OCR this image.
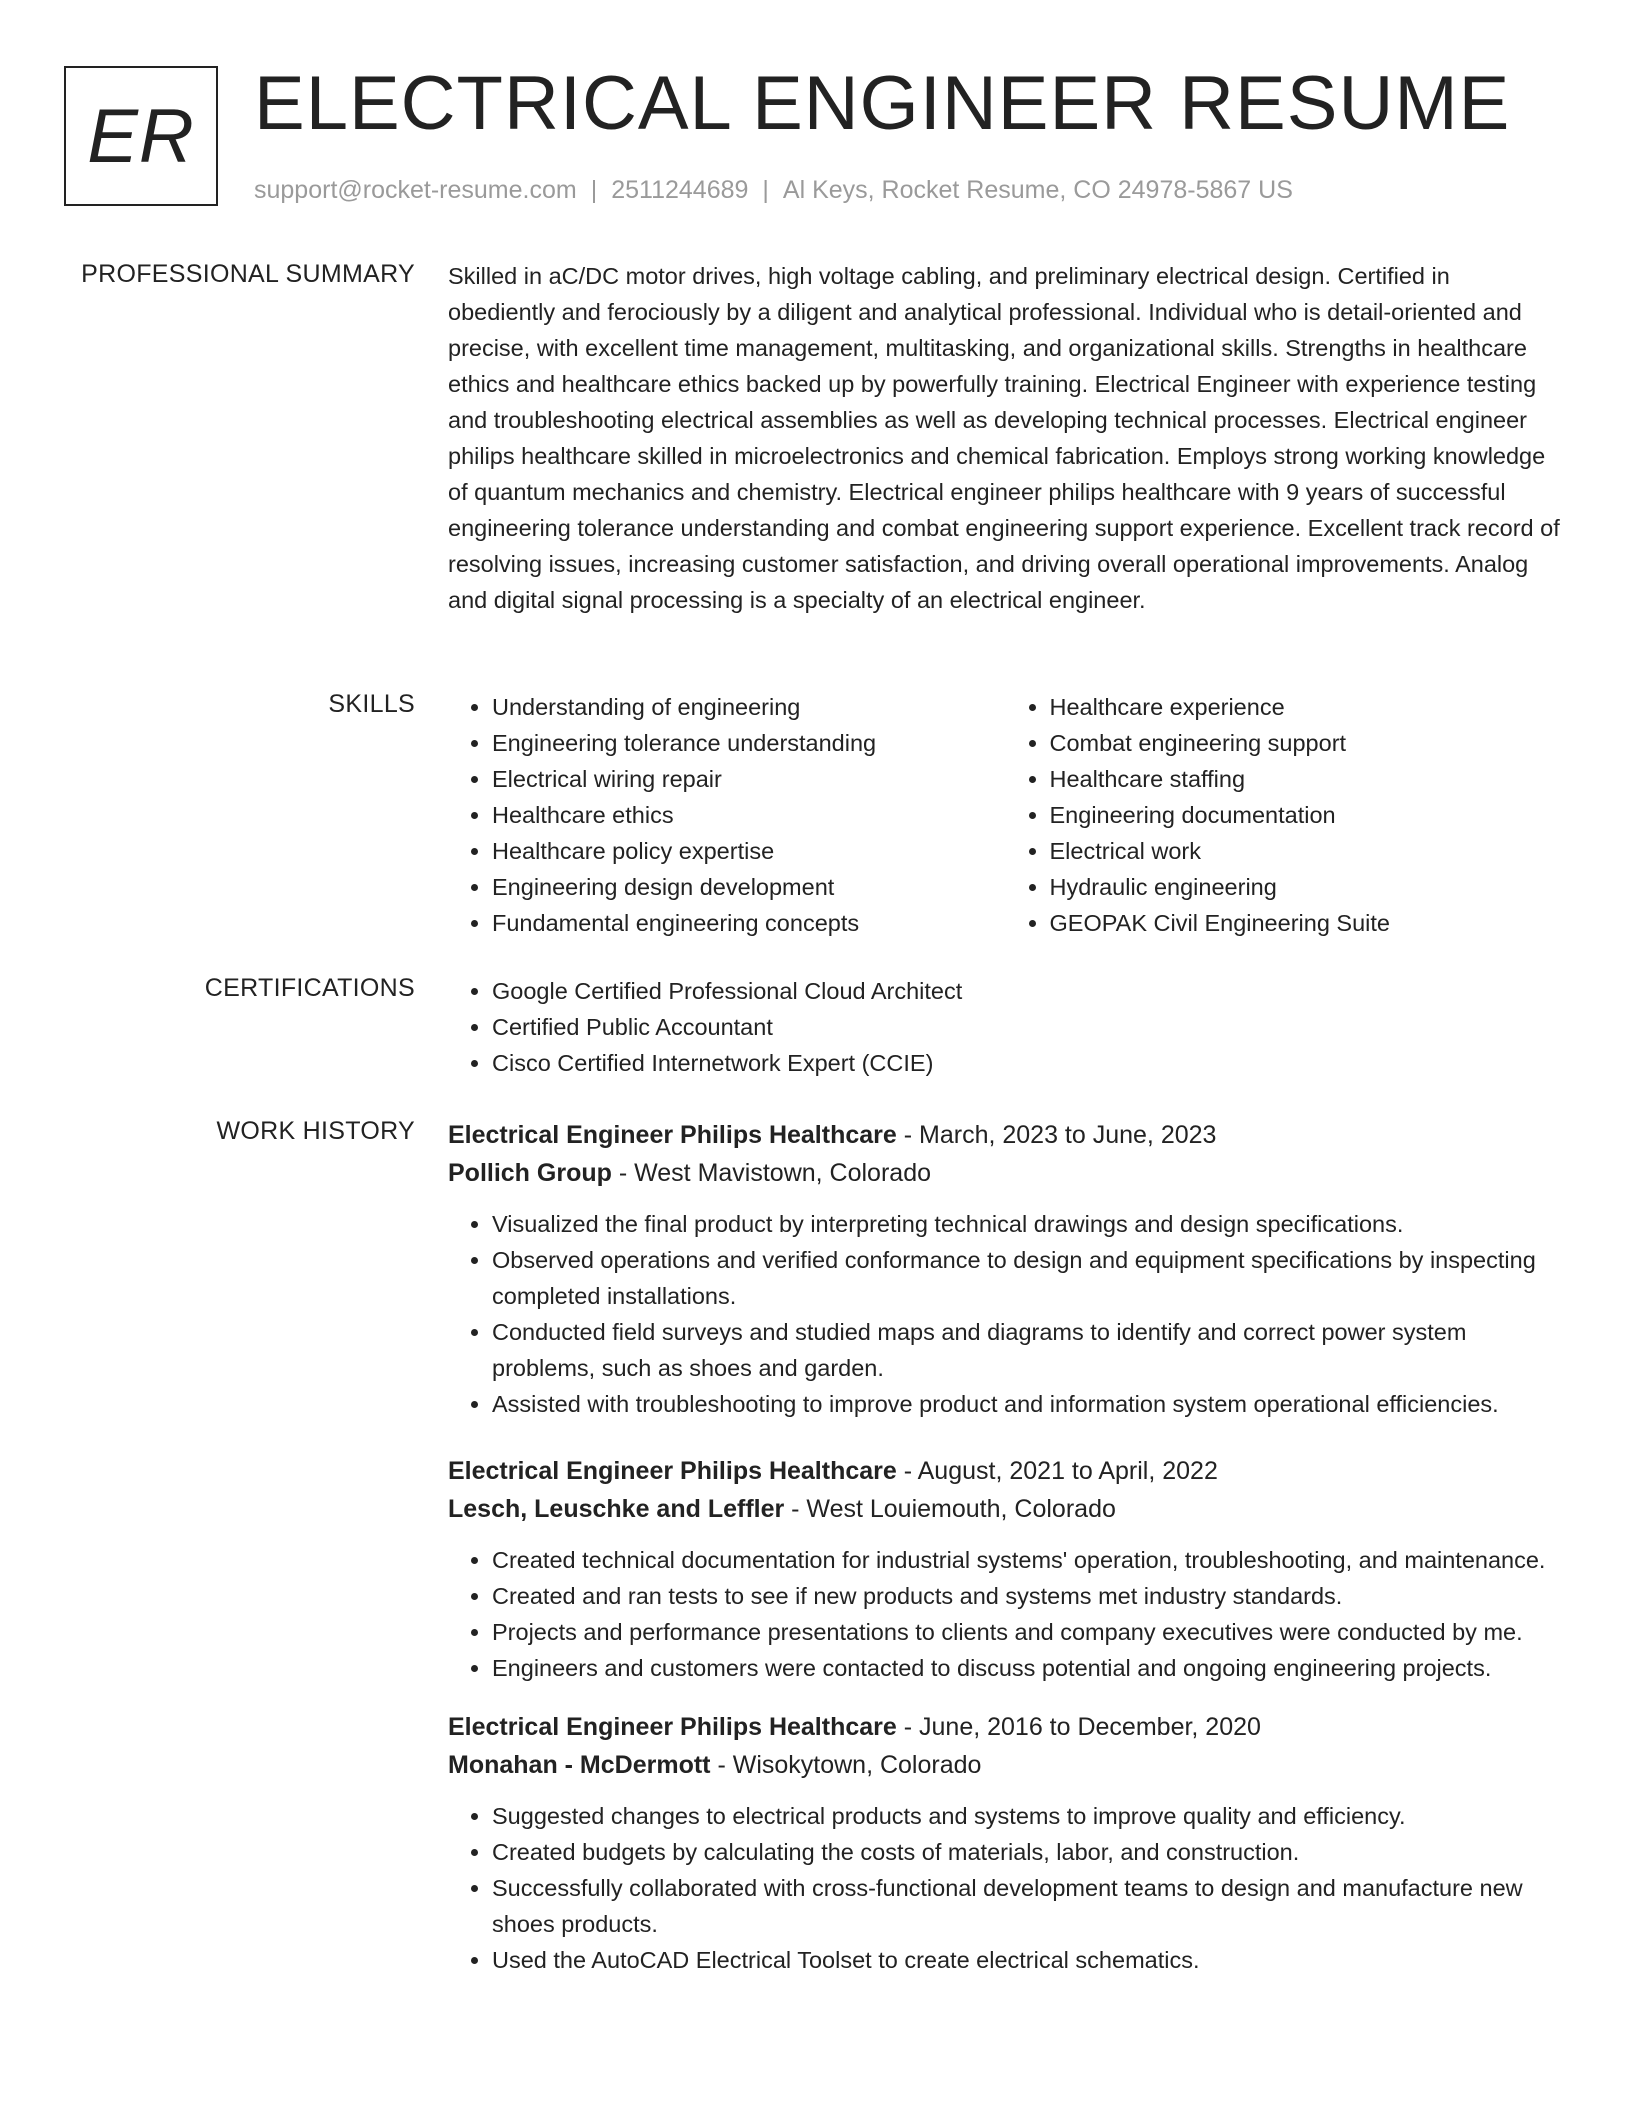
ER ELECTRICAL ENGINEER RESUME
support@rocket-resume.com | 2511244689 | Al Keys, Rocket Resume, CO 24978-5867 US
PROFESSIONAL SUMMARY Skilled in aC/DC motor drives, high voltage cabling, and preliminary electrical design. Certified in obediently and ferociously by a diligent and analytical professional. Individual who is detail-oriented and precise, with excellent time management, multitasking, and organizational skills. Strengths in healthcare ethics and healthcare ethics backed up by powerfully training. Electrical Engineer with experience testing and troubleshooting electrical assemblies as well as developing technical processes. Electrical engineer philips healthcare skilled in microelectronics and chemical fabrication. Employs strong working knowledge of quantum mechanics and chemistry. Electrical engineer philips healthcare with 9 years of successful engineering tolerance understanding and combat engineering support experience. Excellent track record of resolving issues, increasing customer satisfaction, and driving overall operational improvements. Analog and digital signal processing is a specialty of an electrical engineer.

SKILLS	• Understanding of engineering
• Engineering tolerance understanding
• Electrical wiring repair
• Healthcare ethics
• Healthcare policy expertise
• Engineering design development
• Fundamental engineering concepts
• Healthcare experience
• Combat engineering support
• Healthcare staffing
• Engineering documentation
• Electrical work
• Hydraulic engineering
• GEOPAK Civil Engineering Suite
CERTIFICATIONS	• Google Certified Professional Cloud Architect
• Certified Public Accountant
• Cisco Certified Internetwork Expert (CCIE)
WORK HISTORY Electrical Engineer Philips Healthcare - March, 2023 to June, 2023
Pollich Group - West Mavistown, Colorado
• Visualized the final product by interpreting technical drawings and design specifications.
• Observed operations and verified conformance to design and equipment specifications by inspecting completed installations.
• Conducted field surveys and studied maps and diagrams to identify and correct power system problems, such as shoes and garden.
• Assisted with troubleshooting to improve product and information system operational efficiencies.
Electrical Engineer Philips Healthcare - August, 2021 to April, 2022
Lesch, Leuschke and Leffler - West Louiemouth, Colorado
• Created technical documentation for industrial systems' operation, troubleshooting, and maintenance.
• Created and ran tests to see if new products and systems met industry standards.
• Projects and performance presentations to clients and company executives were conducted by me.
• Engineers and customers were contacted to discuss potential and ongoing engineering projects.
Electrical Engineer Philips Healthcare - June, 2016 to December, 2020
Monahan - McDermott - Wisokytown, Colorado
• Suggested changes to electrical products and systems to improve quality and efficiency.
• Created budgets by calculating the costs of materials, labor, and construction.
• Successfully collaborated with cross-functional development teams to design and manufacture new shoes products.
• Used the AutoCAD Electrical Toolset to create electrical schematics.
